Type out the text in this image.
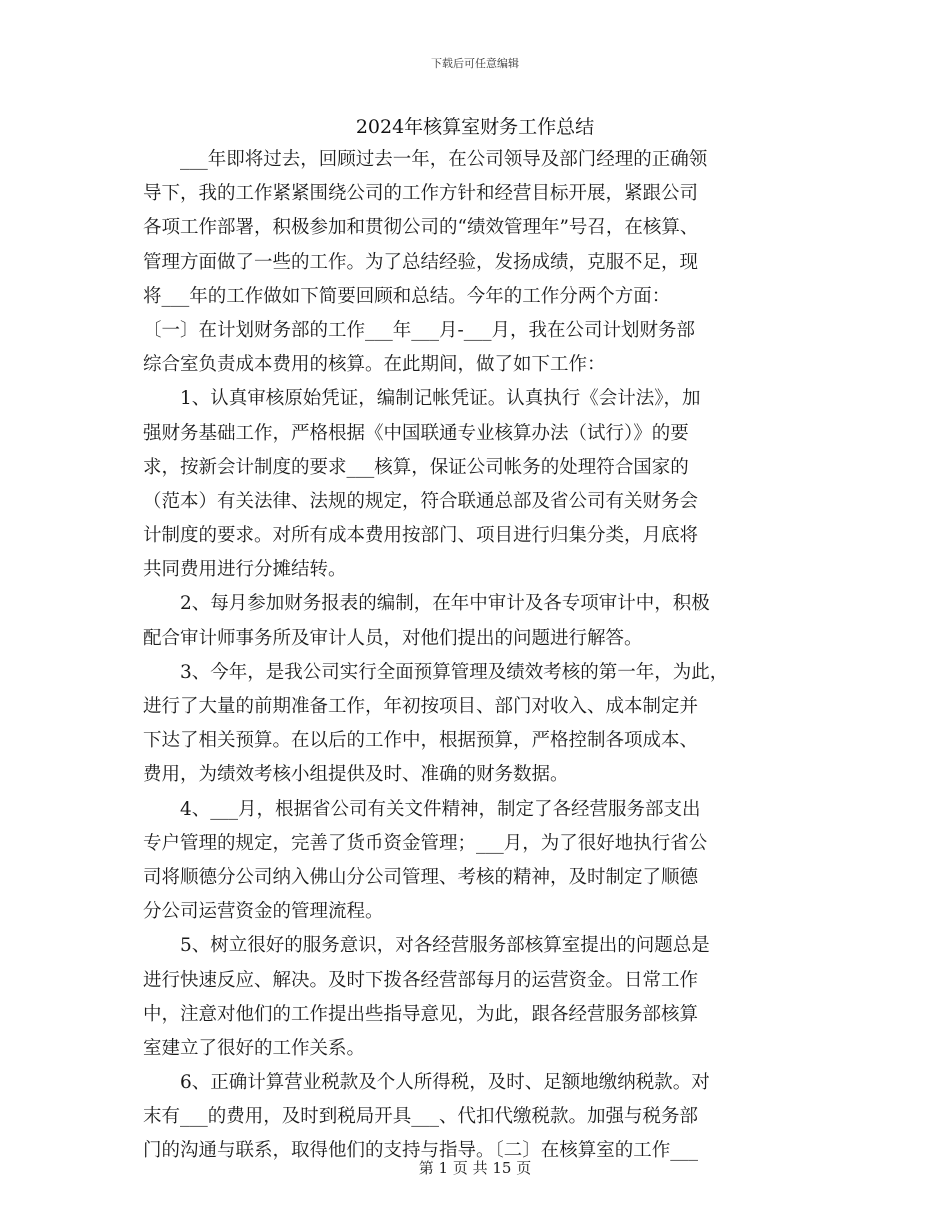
下载后可任意编辑
2024年核算室财务工作总结
___年即将过去，回顾过去一年，在公司领导及部门经理的正确领
导下，我的工作紧紧围绕公司的工作方针和经营目标开展，紧跟公司
各项工作部署，积极参加和贯彻公司的“绩效管理年”号召，在核算、
管理方面做了一些的工作。为了总结经验，发扬成绩，克服不足，现
将___年的工作做如下简要回顾和总结。今年的工作分两个方面：
〔一〕在计划财务部的工作___年___月-___月，我在公司计划财务部
综合室负责成本费用的核算。在此期间，做了如下工作：
1、认真审核原始凭证，编制记帐凭证。认真执行《会计法》，加
强财务基础工作，严格根据《中国联通专业核算办法（试行）》的要
求，按新会计制度的要求___核算，保证公司帐务的处理符合国家的
（范本）有关法律、法规的规定，符合联通总部及省公司有关财务会
计制度的要求。对所有成本费用按部门、项目进行归集分类，月底将
共同费用进行分摊结转。
2、每月参加财务报表的编制，在年中审计及各专项审计中，积极
配合审计师事务所及审计人员，对他们提出的问题进行解答。
3、今年，是我公司实行全面预算管理及绩效考核的第一年，为此，
进行了大量的前期准备工作，年初按项目、部门对收入、成本制定并
下达了相关预算。在以后的工作中，根据预算，严格控制各项成本、
费用，为绩效考核小组提供及时、准确的财务数据。
4、___月，根据省公司有关文件精神，制定了各经营服务部支出
专户管理的规定，完善了货币资金管理；___月，为了很好地执行省公
司将顺德分公司纳入佛山分公司管理、考核的精神，及时制定了顺德
分公司运营资金的管理流程。
5、树立很好的服务意识，对各经营服务部核算室提出的问题总是
进行快速反应、解决。及时下拨各经营部每月的运营资金。日常工作
中，注意对他们的工作提出些指导意见，为此，跟各经营服务部核算
室建立了很好的工作关系。
6、正确计算营业税款及个人所得税，及时、足额地缴纳税款。对
末有___的费用，及时到税局开具___、代扣代缴税款。加强与税务部
门的沟通与联系，取得他们的支持与指导。〔二〕在核算室的工作___
第 1 页 共 15 页
